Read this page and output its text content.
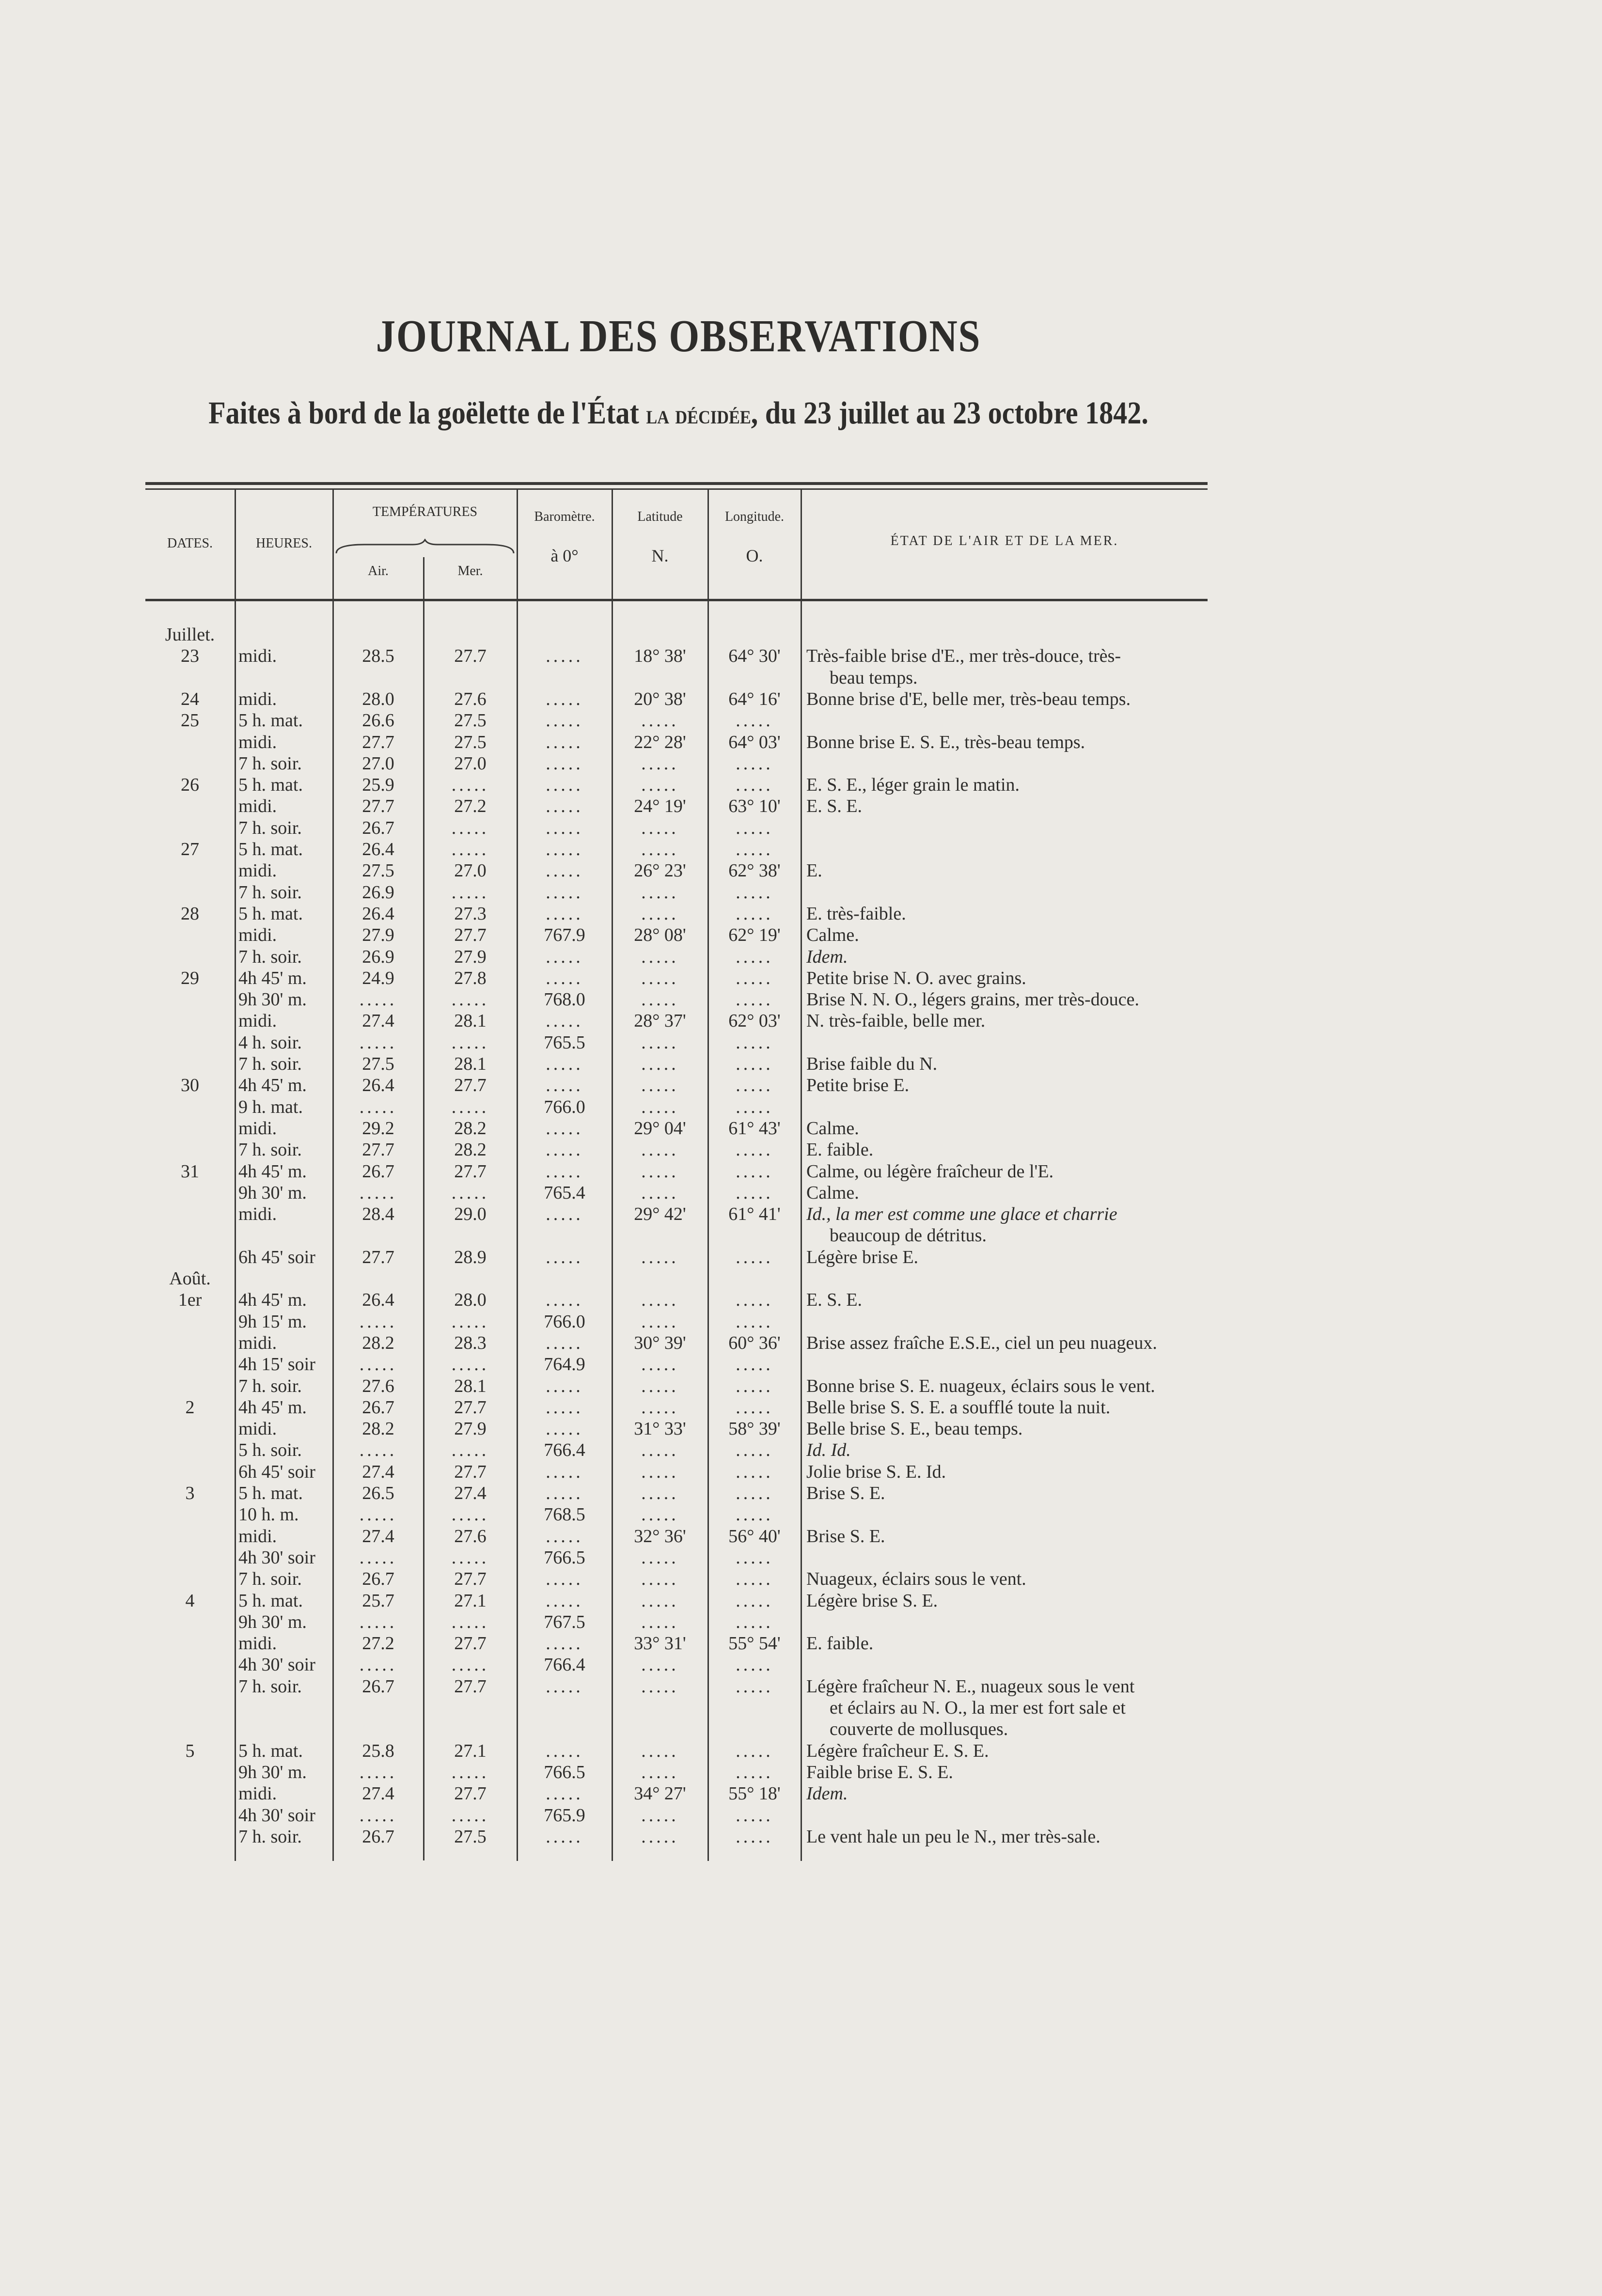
JOURNAL DES OBSERVATIONS
Faites à bord de la goëlette de l'État la décidée, du 23 juillet au 23 octobre 1842.
DATES.	HEURES.
TEMPÉRATURES
Air.	Mer.
Baromètre.
à 0°
Latitude
N.
Longitude.
O.
ÉTAT DE L'AIR ET DE LA MER.
Juillet.
23	midi.	28.5	27.7	.....	18° 38'	64° 30'	Très-faible brise d'E., mer très-douce, très-
beau temps.
24	midi.	28.0	27.6	.....	20° 38'	64° 16'	Bonne brise d'E, belle mer, très-beau temps.
25	5 h. mat.	26.6	27.5	.....	.....	.....
midi.	27.7	27.5	.....	22° 28'	64° 03'	Bonne brise E. S. E., très-beau temps.
7 h. soir.	27.0	27.0	.....	.....	.....
26	5 h. mat.	25.9	.....	.....	.....	.....	E. S. E., léger grain le matin.
midi.	27.7	27.2	.....	24° 19'	63° 10'	E. S. E.
7 h. soir.	26.7	.....	.....	.....	.....
27	5 h. mat.	26.4	.....	.....	.....	.....
midi.	27.5	27.0	.....	26° 23'	62° 38'	E.
7 h. soir.	26.9	.....	.....	.....	.....
28	5 h. mat.	26.4	27.3	.....	.....	.....	E. très-faible.
midi.	27.9	27.7	767.9	28° 08'	62° 19'	Calme.
7 h. soir.	26.9	27.9	.....	.....	.....	Idem.
29	4h 45' m.	24.9	27.8	.....	.....	.....	Petite brise N. O. avec grains.
9h 30' m.	.....	.....	768.0	.....	.....	Brise N. N. O., légers grains, mer très-douce.
midi.	27.4	28.1	.....	28° 37'	62° 03'	N. très-faible, belle mer.
4 h. soir.	.....	.....	765.5	.....	.....
7 h. soir.	27.5	28.1	.....	.....	.....	Brise faible du N.
30	4h 45' m.	26.4	27.7	.....	.....	.....	Petite brise E.
9 h. mat.	.....	.....	766.0	.....	.....
midi.	29.2	28.2	.....	29° 04'	61° 43'	Calme.
7 h. soir.	27.7	28.2	.....	.....	.....	E. faible.
31	4h 45' m.	26.7	27.7	.....	.....	.....	Calme, ou légère fraîcheur de l'E.
9h 30' m.	.....	.....	765.4	.....	.....	Calme.
midi.	28.4	29.0	.....	29° 42'	61° 41'	Id., la mer est comme une glace et charrie
beaucoup de détritus.
6h 45' soir	27.7	28.9	.....	.....	.....	Légère brise E.
Août.
1er	4h 45' m.	26.4	28.0	.....	.....	.....	E. S. E.
9h 15' m.	.....	.....	766.0	.....	.....
midi.	28.2	28.3	.....	30° 39'	60° 36'	Brise assez fraîche E.S.E., ciel un peu nuageux.
4h 15' soir	.....	.....	764.9	.....	.....
7 h. soir.	27.6	28.1	.....	.....	.....	Bonne brise S. E. nuageux, éclairs sous le vent.
2	4h 45' m.	26.7	27.7	.....	.....	.....	Belle brise S. S. E. a soufflé toute la nuit.
midi.	28.2	27.9	.....	31° 33'	58° 39'	Belle brise S. E., beau temps.
5 h. soir.	.....	.....	766.4	.....	.....	Id. Id.
6h 45' soir	27.4	27.7	.....	.....	.....	Jolie brise S. E. Id.
3	5 h. mat.	26.5	27.4	.....	.....	.....	Brise S. E.
10 h. m.	.....	.....	768.5	.....	.....
midi.	27.4	27.6	.....	32° 36'	56° 40'	Brise S. E.
4h 30' soir	.....	.....	766.5	.....	.....
7 h. soir.	26.7	27.7	.....	.....	.....	Nuageux, éclairs sous le vent.
4	5 h. mat.	25.7	27.1	.....	.....	.....	Légère brise S. E.
9h 30' m.	.....	.....	767.5	.....	.....
midi.	27.2	27.7	.....	33° 31'	55° 54'	E. faible.
4h 30' soir	.....	.....	766.4	.....	.....
7 h. soir.	26.7	27.7	.....	.....	.....	Légère fraîcheur N. E., nuageux sous le vent
et éclairs au N. O., la mer est fort sale et
couverte de mollusques.
5	5 h. mat.	25.8	27.1	.....	.....	.....	Légère fraîcheur E. S. E.
9h 30' m.	.....	.....	766.5	.....	.....	Faible brise E. S. E.
midi.	27.4	27.7	.....	34° 27'	55° 18'	Idem.
4h 30' soir	.....	.....	765.9	.....	.....
7 h. soir.	26.7	27.5	.....	.....	.....	Le vent hale un peu le N., mer très-sale.
